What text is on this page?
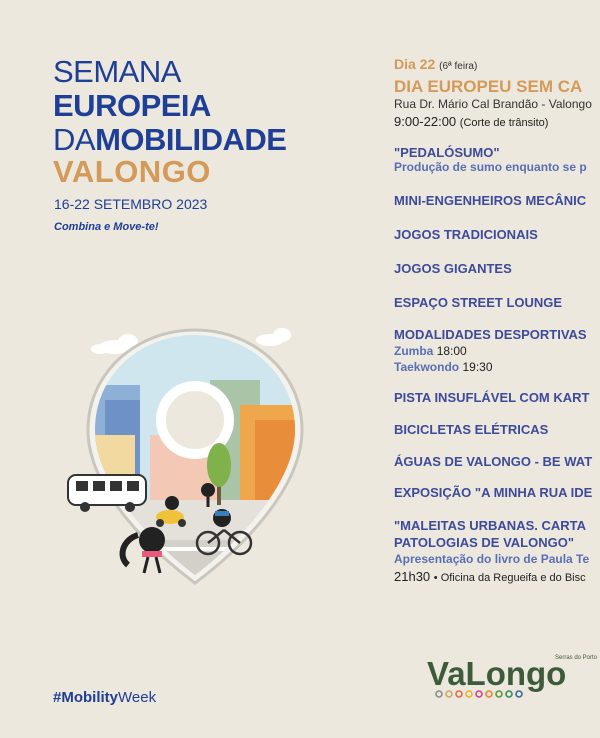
SEMANA
EUROPEIA
DAMOBILIDADE
VALONGO
16-22 SETEMBRO 2023
Combina e Move-te!
#MobilityWeek
Dia 22 (6ª feira)
DIA EUROPEU SEM CA
Rua Dr. Mário Cal Brandão - Valongo
9:00-22:00 (Corte de trânsito)
"PEDALÓSUMO"
Produção de sumo enquanto se p
MINI-ENGENHEIROS MECÂNIC
JOGOS TRADICIONAIS
JOGOS GIGANTES
ESPAÇO STREET LOUNGE
MODALIDADES DESPORTIVAS
Zumba 18:00
Taekwondo 19:30
PISTA INSUFLÁVEL COM KART
BICICLETAS ELÉTRICAS
ÁGUAS DE VALONGO - BE WAT
EXPOSIÇÃO "A MINHA RUA IDE
"MALEITAS URBANAS. CARTA
PATOLOGIAS DE VALONGO"
Apresentação do livro de Paula Te
21h30 • Oficina da Regueifa e do Bisc
Serras do Porto
VaLongo
